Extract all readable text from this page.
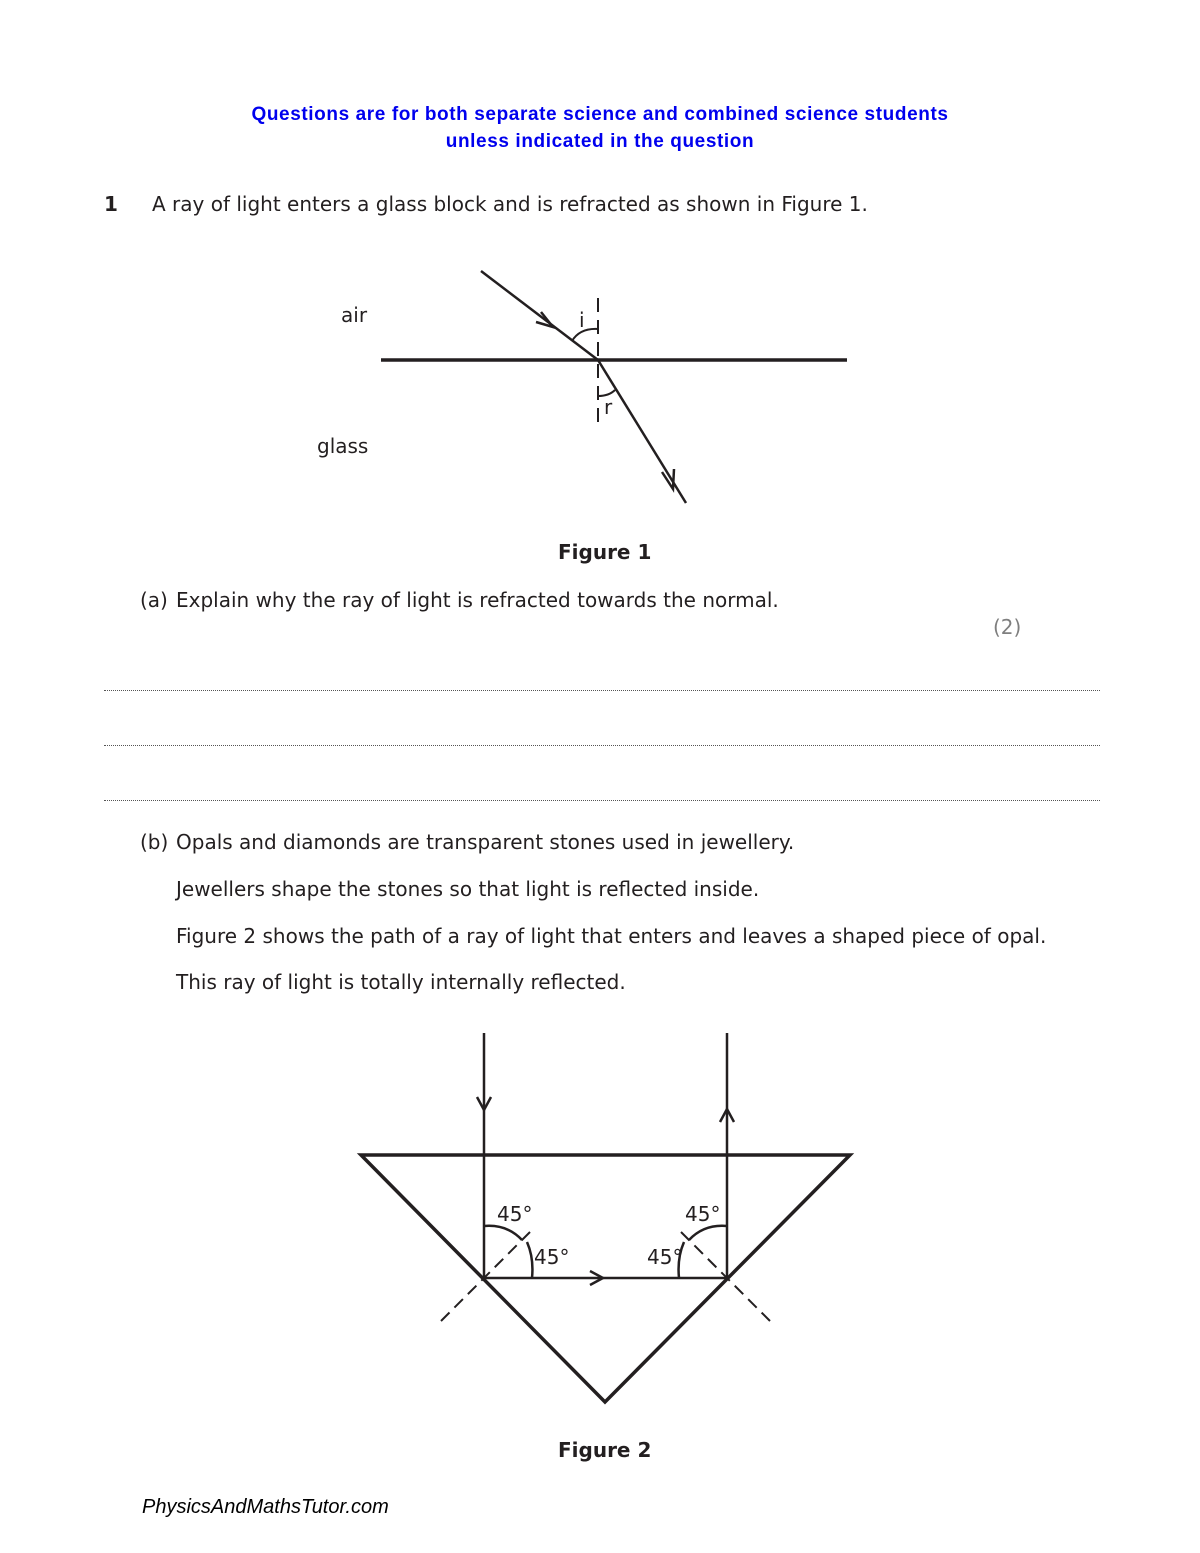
Questions are for both separate science and combined science students
unless indicated in the question
1 A ray of light enters a glass block and is refracted as shown in Figure 1.
air
glass
i
r
Figure 1
(a) Explain why the ray of light is refracted towards the normal.
(2)
(b) Opals and diamonds are transparent stones used in jewellery.
Jewellers shape the stones so that light is reflected inside.
Figure 2 shows the path of a ray of light that enters and leaves a shaped piece of opal.
This ray of light is totally internally reflected.
45°
45°
45°
45°
Figure 2
PhysicsAndMathsTutor.com
